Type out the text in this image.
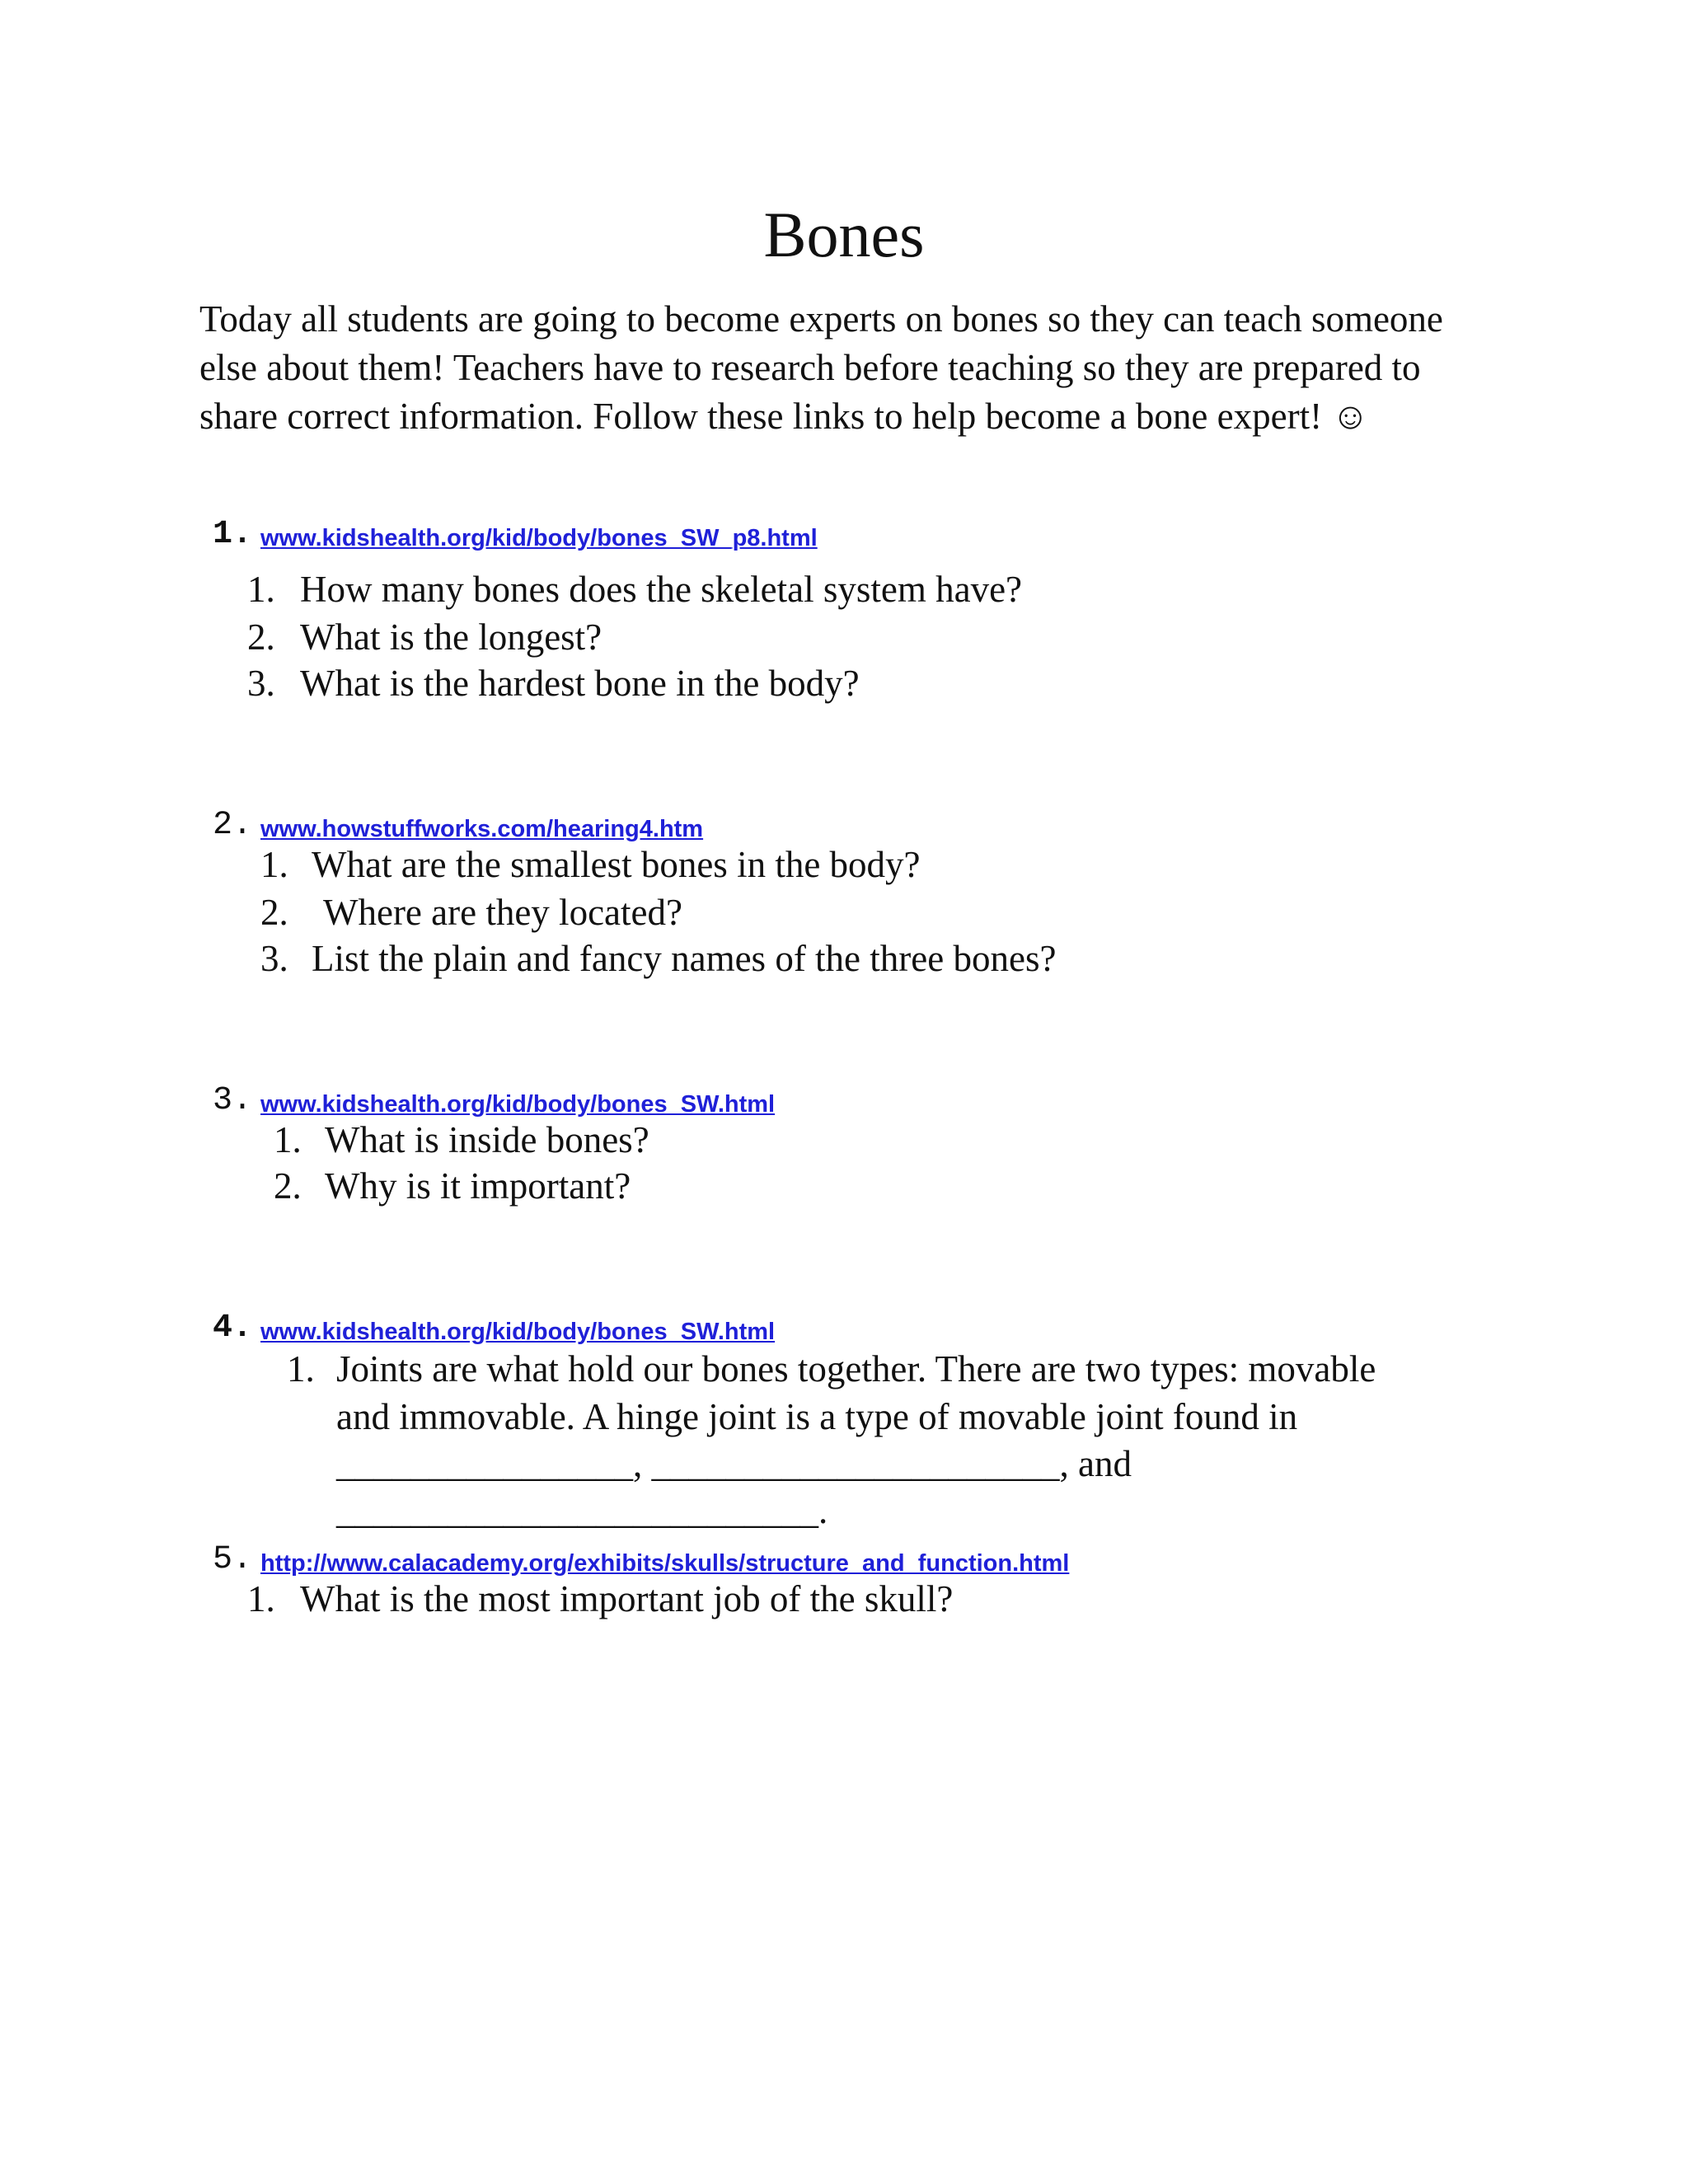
Bones

Today all students are going to become experts on bones so they can teach someone else about them! Teachers have to research before teaching so they are prepared to share correct information. Follow these links to help become a bone expert! ☺

1. www.kidshealth.org/kid/body/bones_SW_p8.html
1. How many bones does the skeletal system have?
2. What is the longest?
3. What is the hardest bone in the body?
2. www.howstuffworks.com/hearing4.htm
1. What are the smallest bones in the body?
2. Where are they located?
3. List the plain and fancy names of the three bones?
3. www.kidshealth.org/kid/body/bones_SW.html
1. What is inside bones?
2. Why is it important?
4. www.kidshealth.org/kid/body/bones_SW.html
1. Joints are what hold our bones together. There are two types: movable
and immovable. A hinge joint is a type of movable joint found in
________________, ______________________, and
__________________________.
5. http://www.calacademy.org/exhibits/skulls/structure_and_function.html
1. What is the most important job of the skull?
